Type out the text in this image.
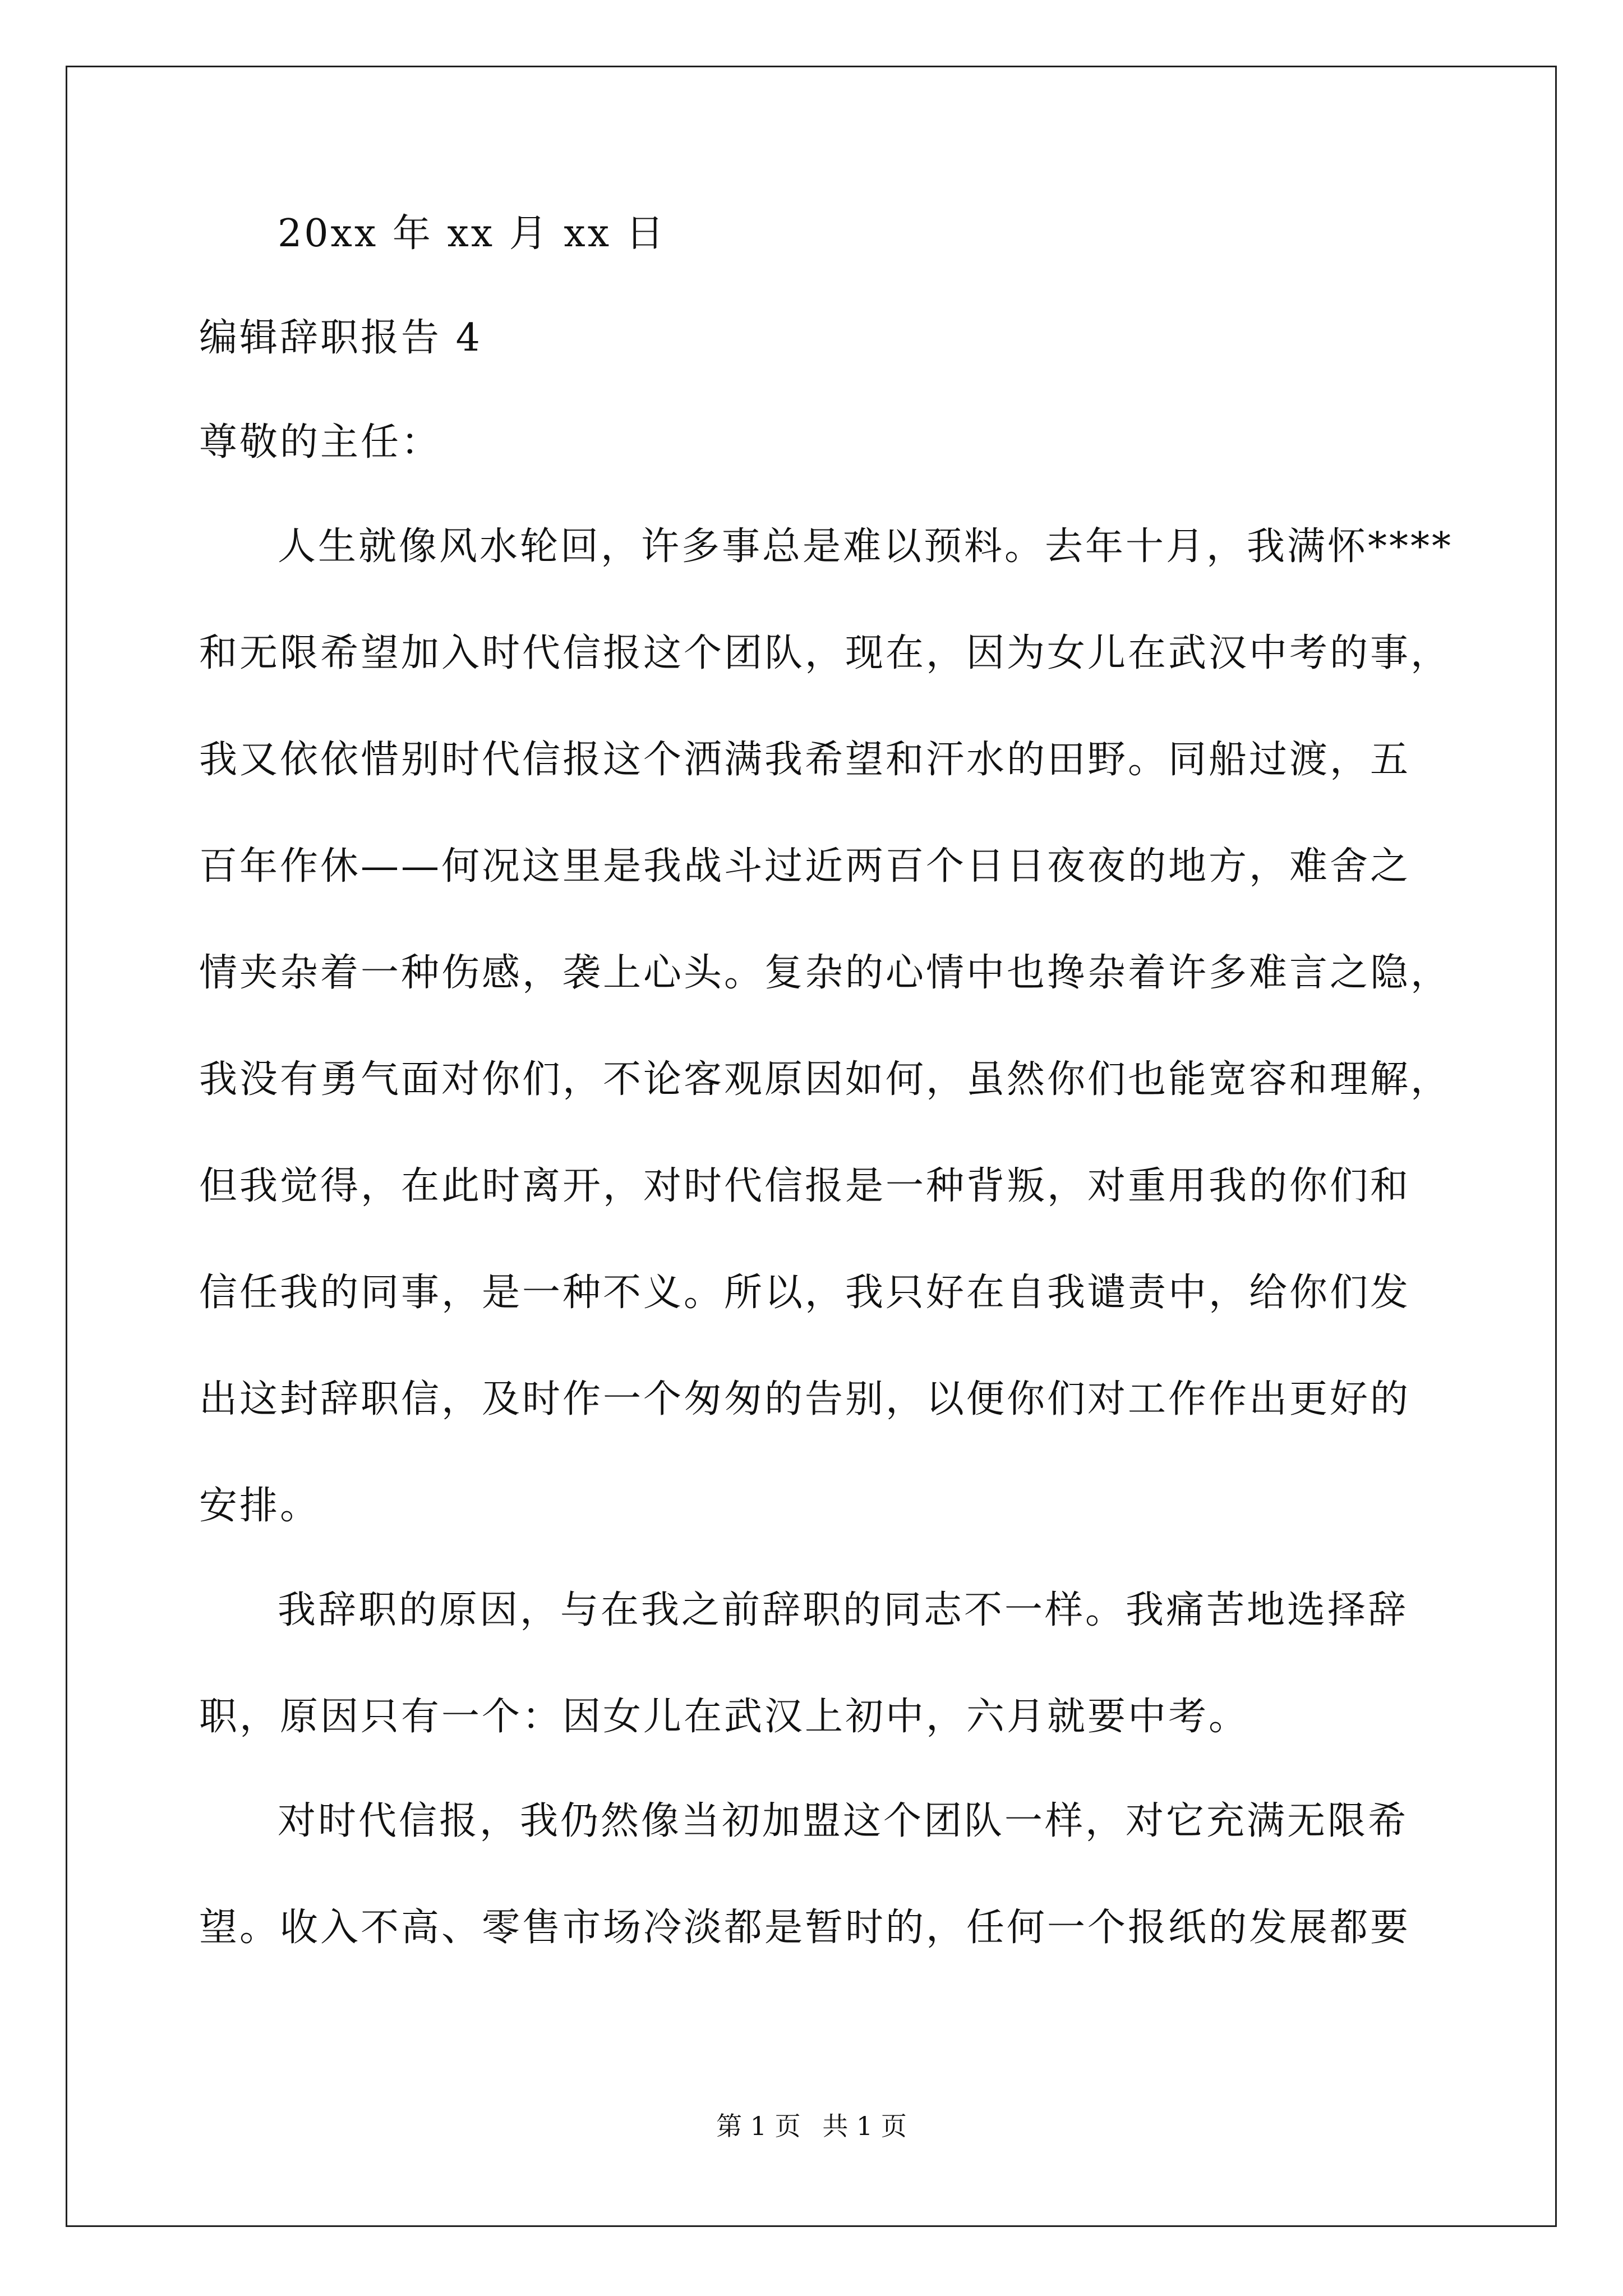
20xx 年 xx 月 xx 日

编辑辞职报告 4

尊敬的主任：

人生就像风水轮回，许多事总是难以预料。去年十月，我满怀****

和无限希望加入时代信报这个团队，现在，因为女儿在武汉中考的事，

我又依依惜别时代信报这个洒满我希望和汗水的田野。同船过渡，五

百年作休——何况这里是我战斗过近两百个日日夜夜的地方，难舍之

情夹杂着一种伤感，袭上心头。复杂的心情中也搀杂着许多难言之隐，

我没有勇气面对你们，不论客观原因如何，虽然你们也能宽容和理解，

但我觉得，在此时离开，对时代信报是一种背叛，对重用我的你们和

信任我的同事，是一种不义。所以，我只好在自我谴责中，给你们发

出这封辞职信，及时作一个匆匆的告别，以便你们对工作作出更好的

安排。

我辞职的原因，与在我之前辞职的同志不一样。我痛苦地选择辞

职，原因只有一个：因女儿在武汉上初中，六月就要中考。

对时代信报，我仍然像当初加盟这个团队一样，对它充满无限希

望。收入不高、零售市场冷淡都是暂时的，任何一个报纸的发展都要

第 1 页 共 1 页
